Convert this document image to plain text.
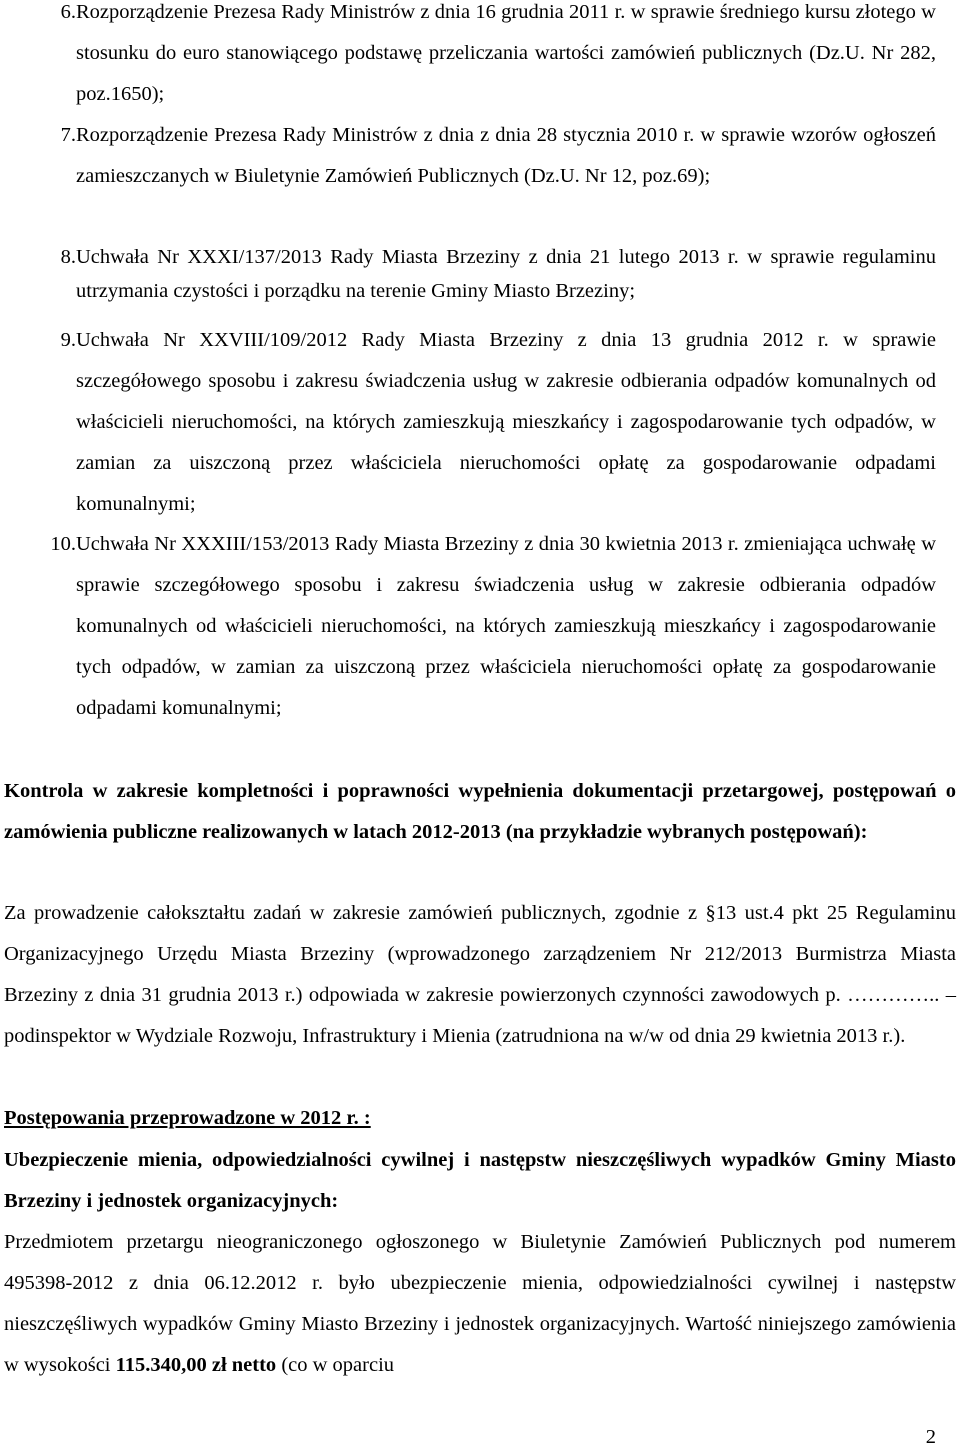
6. Rozporządzenie Prezesa Rady Ministrów z dnia 16 grudnia 2011 r. w sprawie średniego kursu złotego w stosunku do euro stanowiącego podstawę przeliczania wartości zamówień publicznych (Dz.U. Nr 282, poz.1650);
7. Rozporządzenie Prezesa Rady Ministrów z dnia z dnia 28 stycznia 2010 r. w sprawie wzorów ogłoszeń zamieszczanych w Biuletynie Zamówień Publicznych (Dz.U. Nr 12, poz.69);
8. Uchwała Nr XXXI/137/2013 Rady Miasta Brzeziny z dnia 21 lutego 2013 r. w sprawie regulaminu utrzymania czystości i porządku na terenie Gminy Miasto Brzeziny;
9. Uchwała Nr XXVIII/109/2012 Rady Miasta Brzeziny z dnia 13 grudnia 2012 r. w sprawie szczegółowego sposobu i zakresu świadczenia usług w zakresie odbierania odpadów komunalnych od właścicieli nieruchomości, na których zamieszkują mieszkańcy i zagospodarowanie tych odpadów, w zamian za uiszczoną przez właściciela nieruchomości opłatę za gospodarowanie odpadami komunalnymi;
10. Uchwała Nr XXXIII/153/2013 Rady Miasta Brzeziny z dnia 30 kwietnia 2013 r. zmieniająca uchwałę w sprawie szczegółowego sposobu i zakresu świadczenia usług w zakresie odbierania odpadów komunalnych od właścicieli nieruchomości, na których zamieszkują mieszkańcy i zagospodarowanie tych odpadów, w zamian za uiszczoną przez właściciela nieruchomości opłatę za gospodarowanie odpadami komunalnymi;
Kontrola w zakresie kompletności i poprawności wypełnienia dokumentacji przetargowej, postępowań o zamówienia publiczne realizowanych w latach 2012-2013 (na przykładzie wybranych postępowań):
Za prowadzenie całokształtu zadań w zakresie zamówień publicznych, zgodnie z §13 ust.4 pkt 25 Regulaminu Organizacyjnego Urzędu Miasta Brzeziny (wprowadzonego zarządzeniem Nr 212/2013 Burmistrza Miasta Brzeziny z dnia 31 grudnia 2013 r.) odpowiada w zakresie powierzonych czynności zawodowych p. ………….. – podinspektor w Wydziale Rozwoju, Infrastruktury i Mienia (zatrudniona na w/w od dnia 29 kwietnia 2013 r.).
Postępowania przeprowadzone w 2012 r. :
Ubezpieczenie mienia, odpowiedzialności cywilnej i następstw nieszczęśliwych wypadków Gminy Miasto Brzeziny i jednostek organizacyjnych:
Przedmiotem przetargu nieograniczonego ogłoszonego w Biuletynie Zamówień Publicznych pod numerem 495398-2012 z dnia 06.12.2012 r. było ubezpieczenie mienia, odpowiedzialności cywilnej i następstw nieszczęśliwych wypadków Gminy Miasto Brzeziny i jednostek organizacyjnych. Wartość niniejszego zamówienia w wysokości 115.340,00 zł netto (co w oparciu
2
